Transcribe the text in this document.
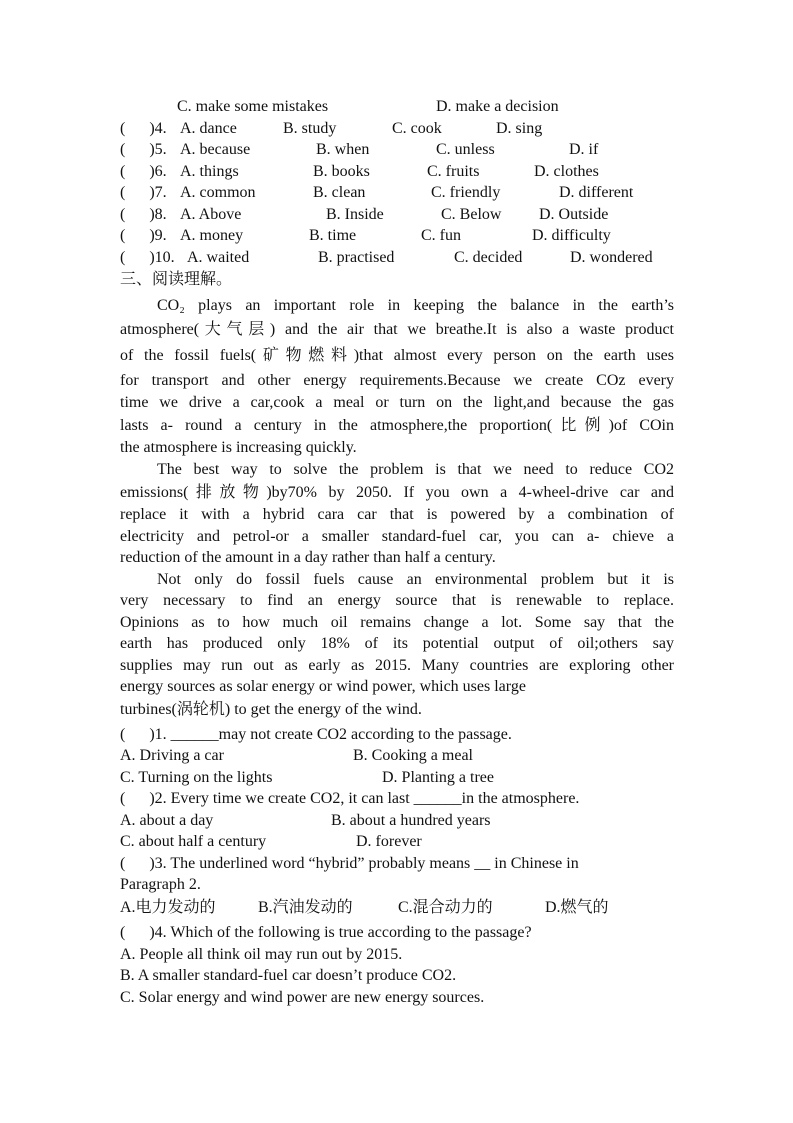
C. make some mistakes	D. make a decision
(      )4. A. dance	B. study	C. cook	D. sing
(      )5. A. because	B. when	C. unless	D. if
(      )6. A. things	B. books	C. fruits	D. clothes
(      )7. A. common	B. clean	C. friendly	D. different
(      )8. A. Above	B. Inside	C. Below D. Outside
(      )9. A. money	B. time	C. fun	D. difficulty
(      )10. A. waited	B. practised	C. decided	D. wondered
三、阅读理解。
CO₂ plays an important role in keeping the balance in the earth’s
atmosphere(大气层) and the air that we breathe.It is also a waste product
of the fossil fuels(矿物燃料)that almost every person on the earth uses
for transport and other energy requirements.Because we create COz every
time we drive a car,cook a meal or turn on the light,and because the gas
lasts a- round a century in the atmosphere,the proportion(比例)of COin
the atmosphere is increasing quickly.
The best way to solve the problem is that we need to reduce CO2
emissions(排放物)by70% by 2050. If you own a 4-wheel-drive car and
replace it with a hybrid cara car that is powered by a combination of
electricity and petrol-or a smaller standard-fuel car, you can a- chieve a
reduction of the amount in a day rather than half a century.
Not only do fossil fuels cause an environmental problem but it is
very necessary to find an energy source that is renewable to replace.
Opinions as to how much oil remains change a lot. Some say that the
earth has produced only 18% of its potential output of oil;others say
supplies may run out as early as 2015. Many countries are exploring other
energy sources as solar energy or wind power, which uses large
turbines(涡轮机) to get the energy of the wind.
(      )1. ______may not create CO2 according to the passage.
A. Driving a car	B. Cooking a meal
C. Turning on the lights	D. Planting a tree
(      )2. Every time we create CO2, it can last ______in the atmosphere.
A. about a day	B. about a hundred years
C. about half a century	D. forever
(      )3. The underlined word “hybrid” probably means __ in Chinese in
Paragraph 2.
A.电力发动的	B.汽油发动的	C.混合动力的	D.燃气的
(      )4. Which of the following is true according to the passage?
A. People all think oil may run out by 2015.
B. A smaller standard-fuel car doesn’t produce CO2.
C. Solar energy and wind power are new energy sources.
